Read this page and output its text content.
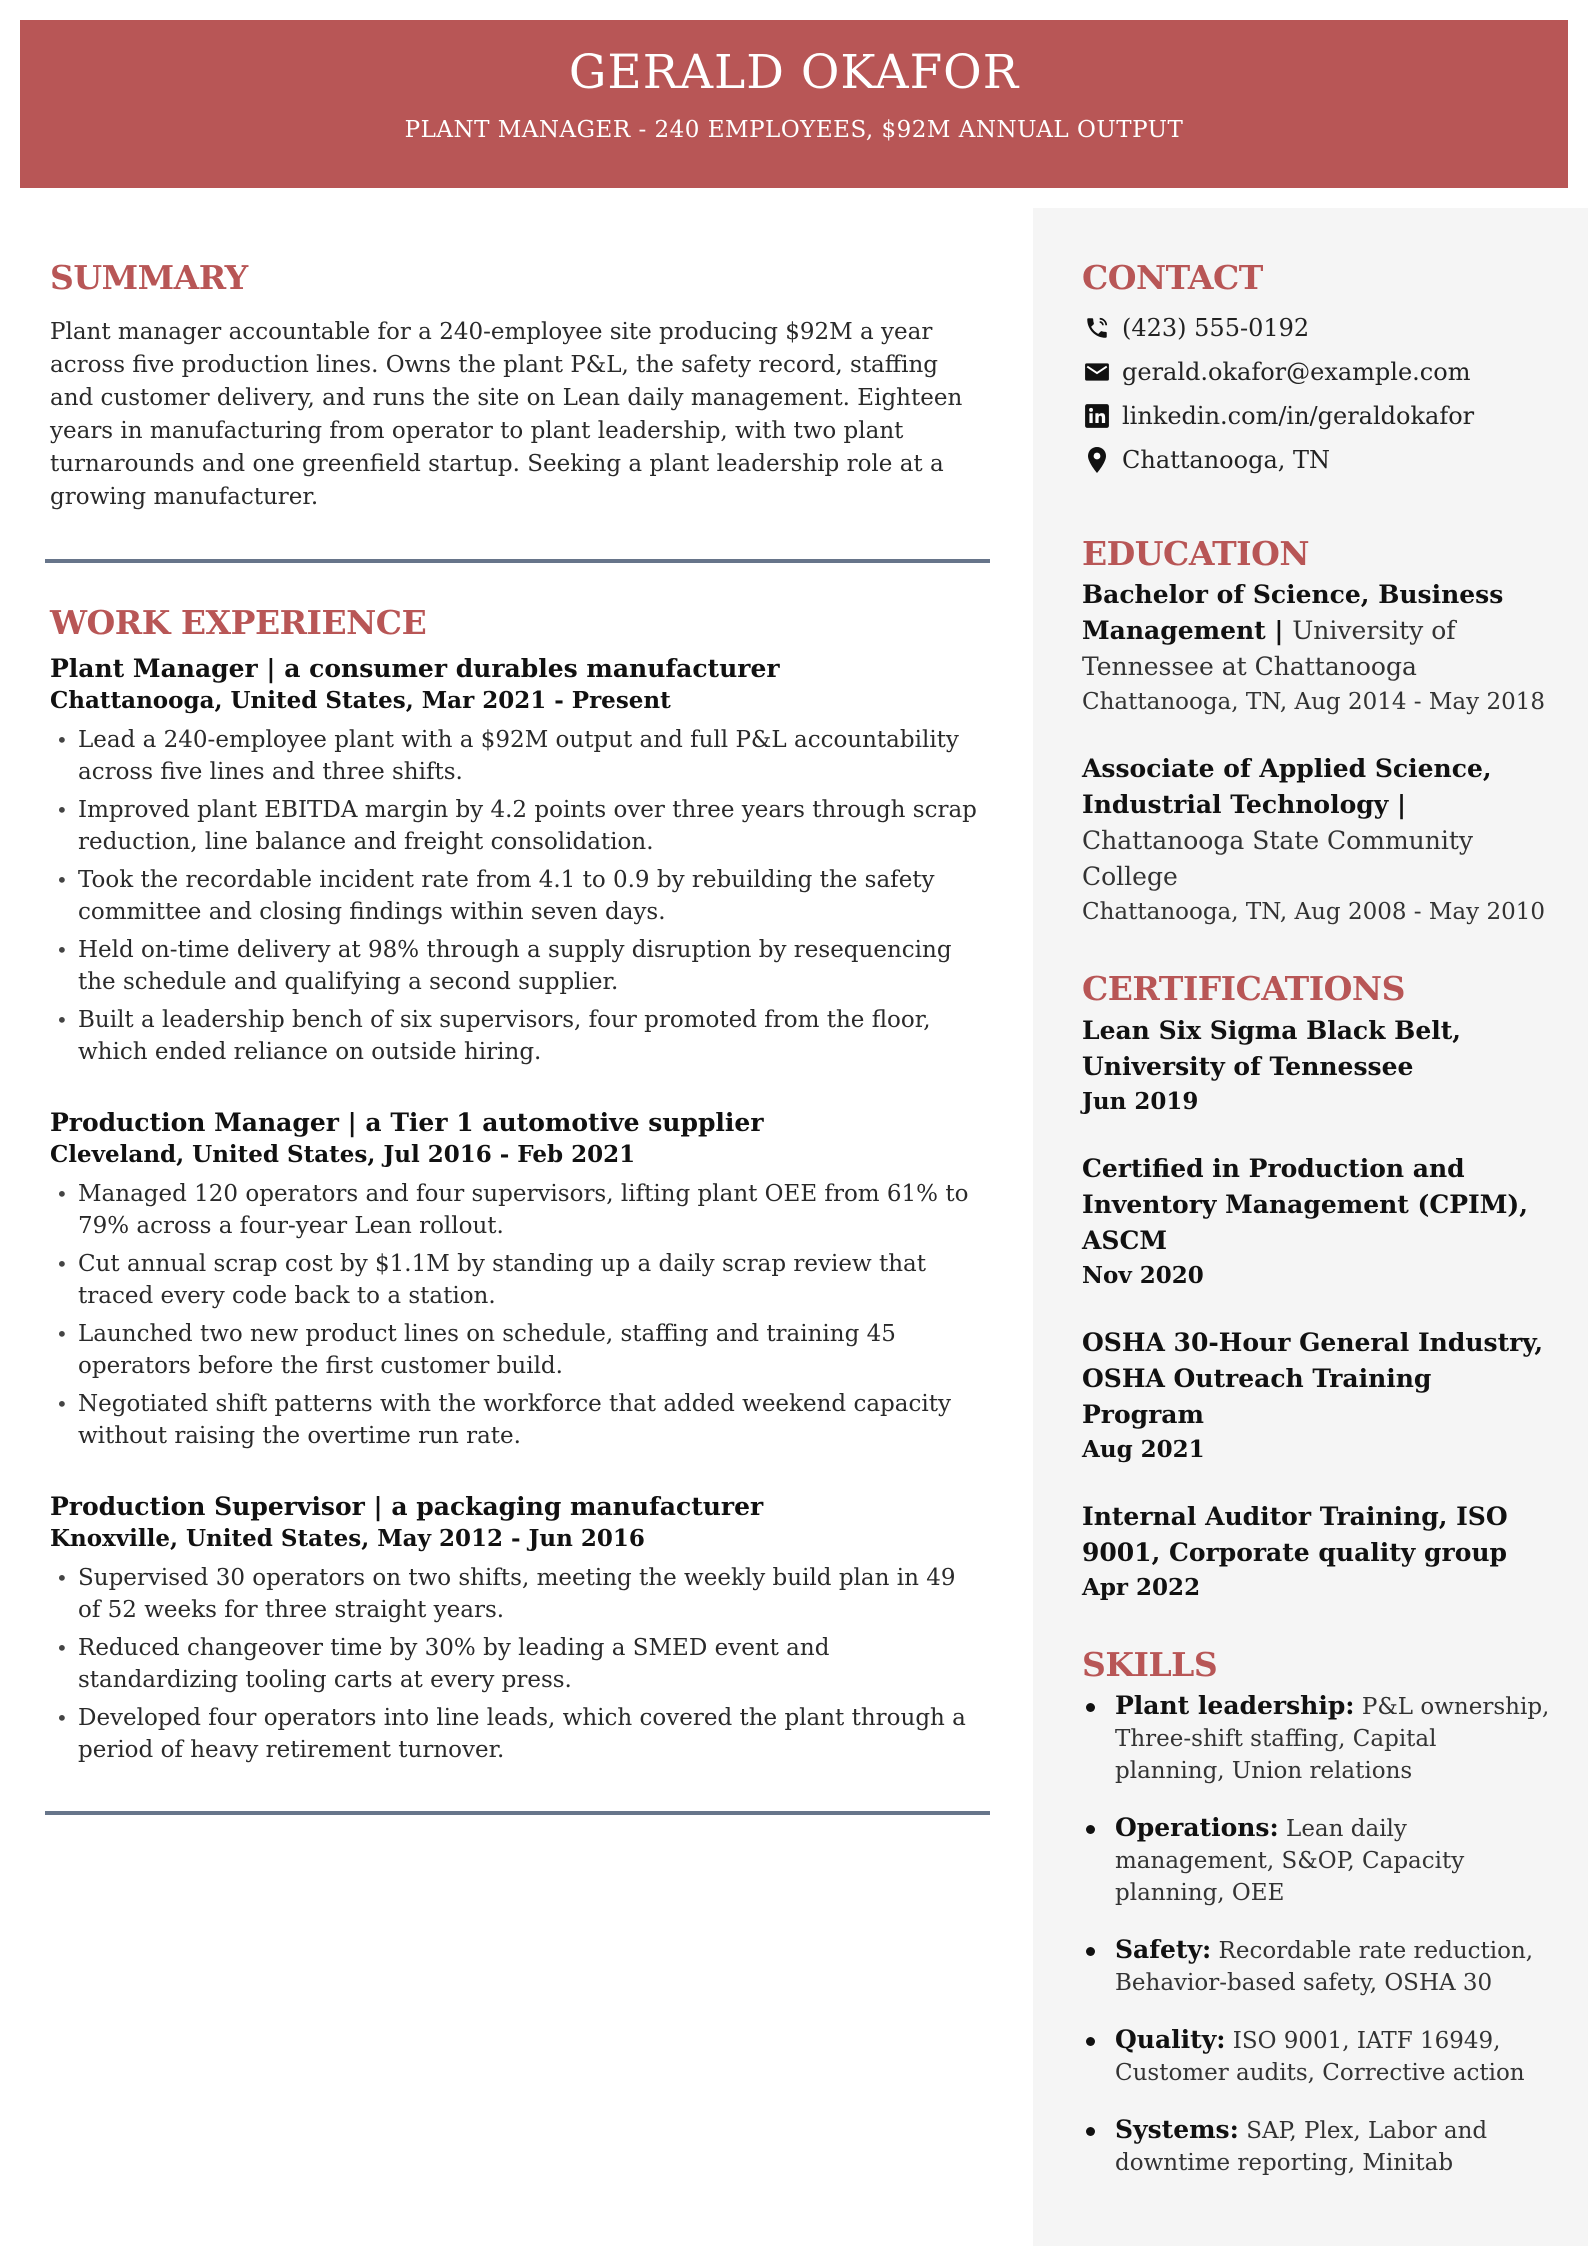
GERALD OKAFOR
PLANT MANAGER - 240 EMPLOYEES, $92M ANNUAL OUTPUT
SUMMARY

Plant manager accountable for a 240-employee site producing $92M a year across five production lines. Owns the plant P&L, the safety record, staffing and customer delivery, and runs the site on Lean daily management. Eighteen years in manufacturing from operator to plant leadership, with two plant turnarounds and one greenfield startup. Seeking a plant leadership role at a growing manufacturer.

WORK EXPERIENCE
Plant Manager | a consumer durables manufacturer
Chattanooga, United States, Mar 2021 - Present
• Lead a 240-employee plant with a $92M output and full P&L accountability across five lines and three shifts.
• Improved plant EBITDA margin by 4.2 points over three years through scrap reduction, line balance and freight consolidation.
• Took the recordable incident rate from 4.1 to 0.9 by rebuilding the safety committee and closing findings within seven days.
• Held on-time delivery at 98% through a supply disruption by resequencing the schedule and qualifying a second supplier.
• Built a leadership bench of six supervisors, four promoted from the floor, which ended reliance on outside hiring.
Production Manager | a Tier 1 automotive supplier
Cleveland, United States, Jul 2016 - Feb 2021
• Managed 120 operators and four supervisors, lifting plant OEE from 61% to 79% across a four-year Lean rollout.
• Cut annual scrap cost by $1.1M by standing up a daily scrap review that traced every code back to a station.
• Launched two new product lines on schedule, staffing and training 45 operators before the first customer build.
• Negotiated shift patterns with the workforce that added weekend capacity without raising the overtime run rate.
Production Supervisor | a packaging manufacturer
Knoxville, United States, May 2012 - Jun 2016
• Supervised 30 operators on two shifts, meeting the weekly build plan in 49 of 52 weeks for three straight years.
• Reduced changeover time by 30% by leading a SMED event and standardizing tooling carts at every press.
• Developed four operators into line leads, which covered the plant through a period of heavy retirement turnover.
CONTACT
(423) 555-0192
gerald.okafor@example.com
linkedin.com/in/geraldokafor
Chattanooga, TN
EDUCATION
Bachelor of Science, Business Management | University of Tennessee at Chattanooga
Chattanooga, TN, Aug 2014 - May 2018
Associate of Applied Science, Industrial Technology | Chattanooga State Community College
Chattanooga, TN, Aug 2008 - May 2010
CERTIFICATIONS
Lean Six Sigma Black Belt, University of Tennessee
Jun 2019
Certified in Production and Inventory Management (CPIM), ASCM
Nov 2020
OSHA 30-Hour General Industry, OSHA Outreach Training Program
Aug 2021
Internal Auditor Training, ISO 9001, Corporate quality group
Apr 2022
SKILLS
Plant leadership: P&L ownership, Three-shift staffing, Capital planning, Union relations
Operations: Lean daily management, S&OP, Capacity planning, OEE
Safety: Recordable rate reduction, Behavior-based safety, OSHA 30
Quality: ISO 9001, IATF 16949, Customer audits, Corrective action
Systems: SAP, Plex, Labor and downtime reporting, Minitab
